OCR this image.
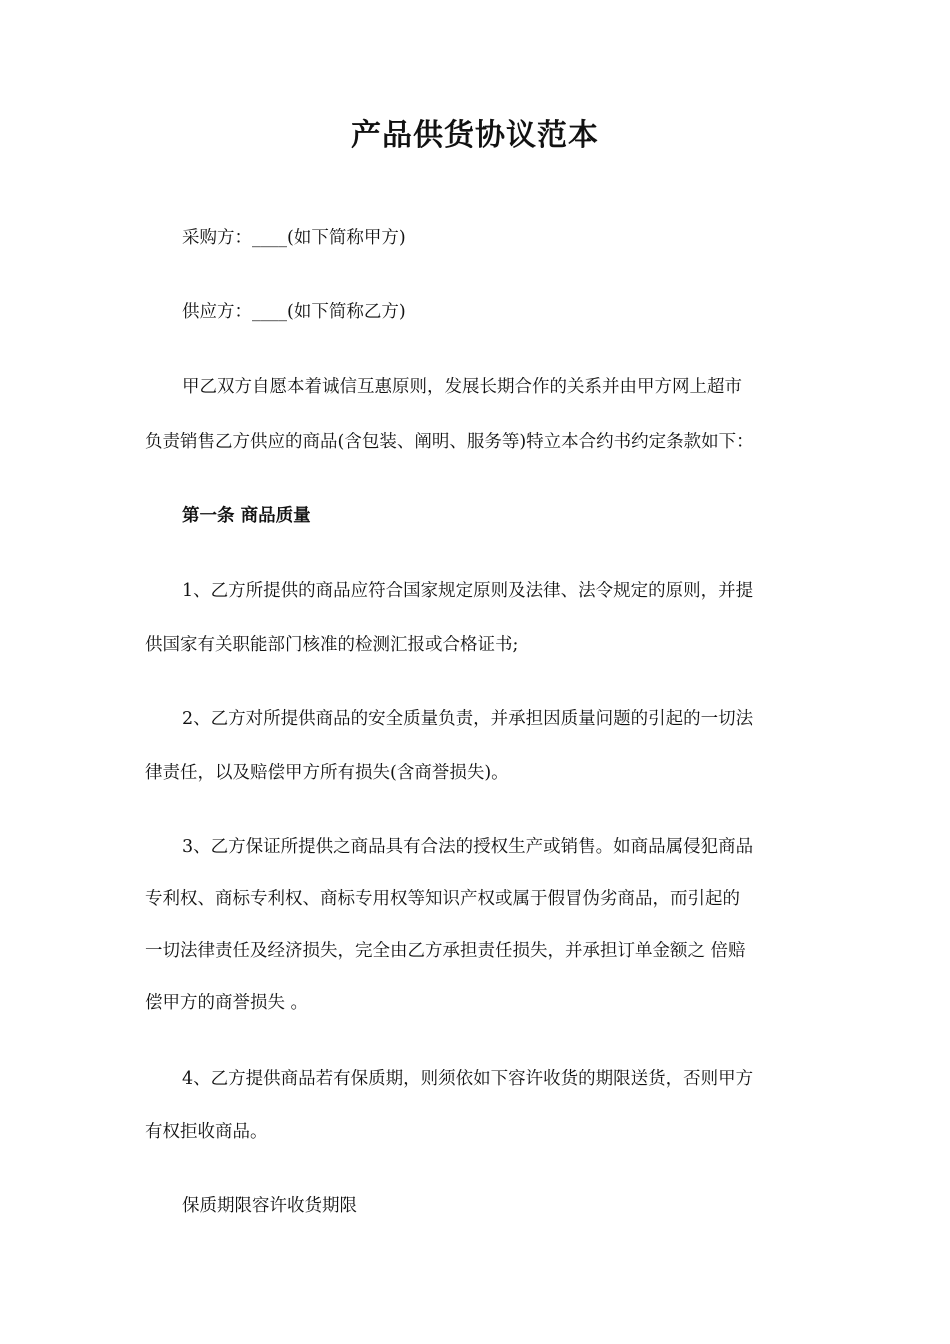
产品供货协议范本
采购方：____(如下简称甲方)
供应方：____(如下简称乙方)
甲乙双方自愿本着诚信互惠原则，发展长期合作的关系并由甲方网上超市
负责销售乙方供应的商品(含包装、阐明、服务等)特立本合约书约定条款如下：
第一条 商品质量
1、乙方所提供的商品应符合国家规定原则及法律、法令规定的原则，并提
供国家有关职能部门核准的检测汇报或合格证书;
2、乙方对所提供商品的安全质量负责，并承担因质量问题的引起的一切法
律责任，以及赔偿甲方所有损失(含商誉损失)。
3、乙方保证所提供之商品具有合法的授权生产或销售。如商品属侵犯商品
专利权、商标专利权、商标专用权等知识产权或属于假冒伪劣商品，而引起的
一切法律责任及经济损失，完全由乙方承担责任损失，并承担订单金额之 倍赔
偿甲方的商誉损失 。
4、乙方提供商品若有保质期，则须依如下容许收货的期限送货，否则甲方
有权拒收商品。
保质期限容许收货期限
